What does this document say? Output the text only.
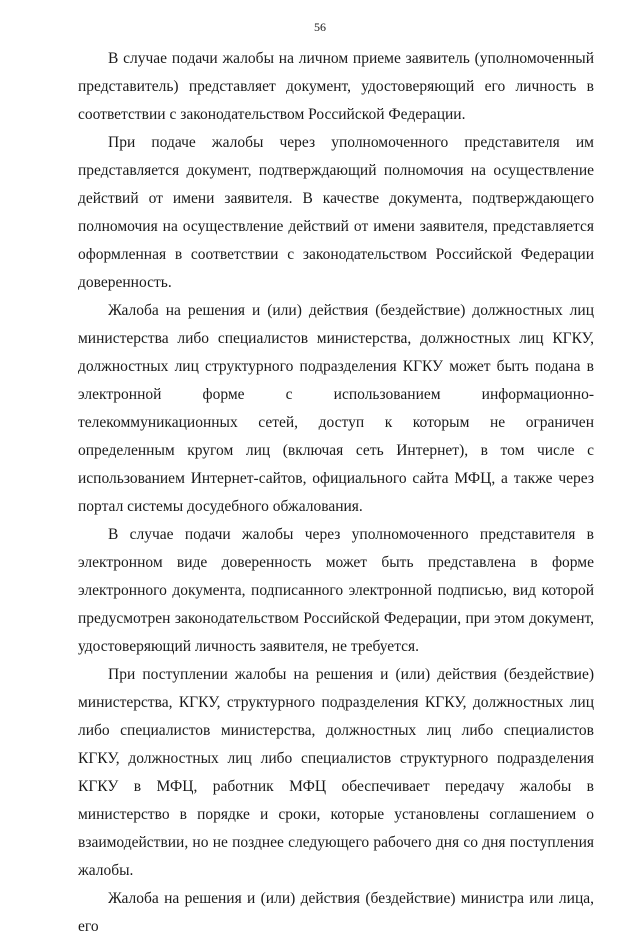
56

В случае подачи жалобы на личном приеме заявитель (уполномоченный представитель) представляет документ, удостоверяющий его личность в соответствии с законодательством Российской Федерации.

При подаче жалобы через уполномоченного представителя им представляется документ, подтверждающий полномочия на осуществление действий от имени заявителя. В качестве документа, подтверждающего полномочия на осуществление действий от имени заявителя, представляется оформленная в соответствии с законодательством Российской Федерации доверенность.

Жалоба на решения и (или) действия (бездействие) должностных лиц министерства либо специалистов министерства, должностных лиц КГКУ, должностных лиц структурного подразделения КГКУ может быть подана в электронной форме с использованием информационно-телекоммуникационных сетей, доступ к которым не ограничен определенным кругом лиц (включая сеть Интернет), в том числе с использованием Интернет-сайтов, официального сайта МФЦ, а также через портал системы досудебного обжалования.

В случае подачи жалобы через уполномоченного представителя в электронном виде доверенность может быть представлена в форме электронного документа, подписанного электронной подписью, вид которой предусмотрен законодательством Российской Федерации, при этом документ, удостоверяющий личность заявителя, не требуется.

При поступлении жалобы на решения и (или) действия (бездействие) министерства, КГКУ, структурного подразделения КГКУ, должностных лиц либо специалистов министерства, должностных лиц либо специалистов КГКУ, должностных лиц либо специалистов структурного подразделения КГКУ в МФЦ, работник МФЦ обеспечивает передачу жалобы в министерство в порядке и сроки, которые установлены соглашением о взаимодействии, но не позднее следующего рабочего дня со дня поступления жалобы.

Жалоба на решения и (или) действия (бездействие) министра или лица, его
